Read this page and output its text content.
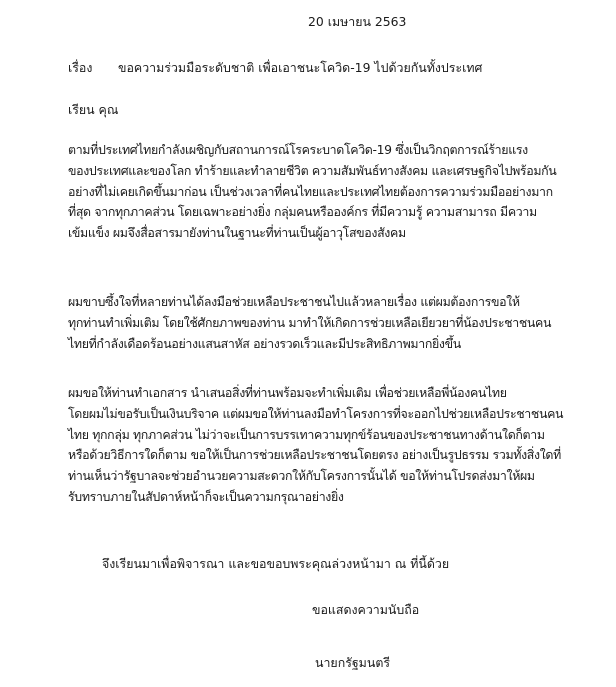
20 เมษายน 2563
เรื่อง ขอความร่วมมือระดับชาติ เพื่อเอาชนะโควิด-19 ไปด้วยกันทั้งประเทศ
เรียน คุณ
ตามที่ประเทศไทยกำลังเผชิญกับสถานการณ์โรคระบาดโควิด-19 ซึ่งเป็นวิกฤตการณ์ร้ายแรง
ของประเทศและของโลก ทำร้ายและทำลายชีวิต ความสัมพันธ์ทางสังคม และเศรษฐกิจไปพร้อมกัน
อย่างที่ไม่เคยเกิดขึ้นมาก่อน เป็นช่วงเวลาที่คนไทยและประเทศไทยต้องการความร่วมมืออย่างมาก
ที่สุด จากทุกภาคส่วน โดยเฉพาะอย่างยิ่ง กลุ่มคนหรือองค์กร ที่มีความรู้ ความสามารถ มีความ
เข้มแข็ง ผมจึงสื่อสารมายังท่านในฐานะที่ท่านเป็นผู้อาวุโสของสังคม
ผมขาบซึ้งใจที่หลายท่านได้ลงมือช่วยเหลือประชาชนไปแล้วหลายเรื่อง แต่ผมต้องการขอให้
ทุกท่านทำเพิ่มเติม โดยใช้ศักยภาพของท่าน มาทำให้เกิดการช่วยเหลือเยียวยาที่น้องประชาชนคน
ไทยที่กำลังเดือดร้อนอย่างแสนสาหัส อย่างรวดเร็วและมีประสิทธิภาพมากยิ่งขึ้น
ผมขอให้ท่านทำเอกสาร นำเสนอสิ่งที่ท่านพร้อมจะทำเพิ่มเติม เพื่อช่วยเหลือพี่น้องคนไทย
โดยผมไม่ขอรับเป็นเงินบริจาค แต่ผมขอให้ท่านลงมือทำโครงการที่จะออกไปช่วยเหลือประชาชนคน
ไทย ทุกกลุ่ม ทุกภาคส่วน ไม่ว่าจะเป็นการบรรเทาความทุกข์ร้อนของประชาชนทางด้านใดก็ตาม
หรือด้วยวิธีการใดก็ตาม ขอให้เป็นการช่วยเหลือประชาชนโดยตรง อย่างเป็นรูปธรรม รวมทั้งสิ่งใดที่
ท่านเห็นว่ารัฐบาลจะช่วยอำนวยความสะดวกให้กับโครงการนั้นได้ ขอให้ท่านโปรดส่งมาให้ผม
รับทราบภายในสัปดาห์หน้าก็จะเป็นความกรุณาอย่างยิ่ง
จึงเรียนมาเพื่อพิจารณา และขอขอบพระคุณล่วงหน้ามา ณ ที่นี้ด้วย
ขอแสดงความนับถือ
นายกรัฐมนตรี
